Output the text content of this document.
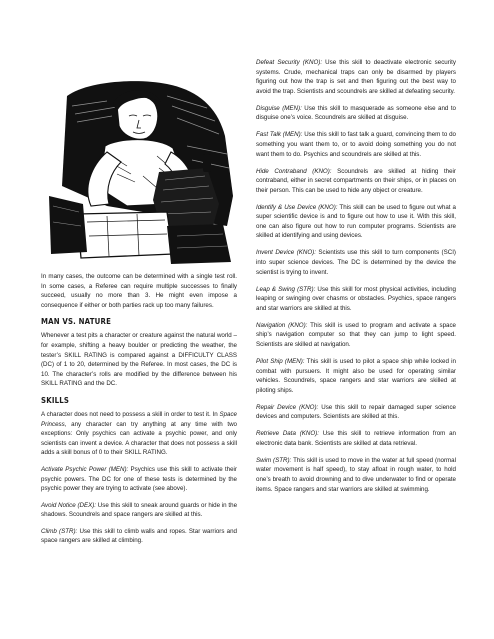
In many cases, the outcome can be determined with a single test roll. In some cases, a Referee can require multiple successes to finally succeed, usually no more than 3. He might even impose a consequence if either or both parties rack up too many failures.

MAN VS. NATURE

Whenever a test pits a character or creature against the natural world – for example, shifting a heavy boulder or predicting the weather, the tester’s SKILL RATING is compared against a DIFFICULTY CLASS (DC) of 1 to 20, determined by the Referee. In most cases, the DC is 10. The character’s rolls are modified by the difference between his SKILL RATING and the DC.

SKILLS

A character does not need to possess a skill in order to test it. In Space Princess, any character can try anything at any time with two exceptions: Only psychics can activate a psychic power, and only scientists can invent a device. A character that does not possess a skill adds a skill bonus of 0 to their SKILL RATING.

Activate Psychic Power (MEN): Psychics use this skill to activate their psychic powers. The DC for one of these tests is determined by the psychic power they are trying to activate (see above).

Avoid Notice (DEX): Use this skill to sneak around guards or hide in the shadows. Scoundrels and space rangers are skilled at this.

Climb (STR): Use this skill to climb walls and ropes. Star warriors and space rangers are skilled at climbing.

Defeat Security (KNO): Use this skill to deactivate electronic security systems. Crude, mechanical traps can only be disarmed by players figuring out how the trap is set and then figuring out the best way to avoid the trap. Scientists and scoundrels are skilled at defeating security.

Disguise (MEN): Use this skill to masquerade as someone else and to disguise one’s voice. Scoundrels are skilled at disguise.

Fast Talk (MEN): Use this skill to fast talk a guard, convincing them to do something you want them to, or to avoid doing something you do not want them to do. Psychics and scoundrels are skilled at this.

Hide Contraband (KNO): Scoundrels are skilled at hiding their contraband, either in secret compartments on their ships, or in places on their person. This can be used to hide any object or creature.

Identify & Use Device (KNO): This skill can be used to figure out what a super scientific device is and to figure out how to use it. With this skill, one can also figure out how to run computer programs. Scientists are skilled at identifying and using devices.

Invent Device (KNO): Scientists use this skill to turn components (SCI) into super science devices. The DC is determined by the device the scientist is trying to invent.

Leap & Swing (STR): Use this skill for most physical activities, including leaping or swinging over chasms or obstacles. Psychics, space rangers and star warriors are skilled at this.

Navigation (KNO): This skill is used to program and activate a space ship’s navigation computer so that they can jump to light speed. Scientists are skilled at navigation.

Pilot Ship (MEN): This skill is used to pilot a space ship while locked in combat with pursuers. It might also be used for operating similar vehicles. Scoundrels, space rangers and star warriors are skilled at piloting ships.

Repair Device (KNO): Use this skill to repair damaged super science devices and computers. Scientists are skilled at this.

Retrieve Data (KNO): Use this skill to retrieve information from an electronic data bank. Scientists are skilled at data retrieval.

Swim (STR): This skill is used to move in the water at full speed (normal water movement is half speed), to stay afloat in rough water, to hold one’s breath to avoid drowning and to dive underwater to find or operate items. Space rangers and star warriors are skilled at swimming.
